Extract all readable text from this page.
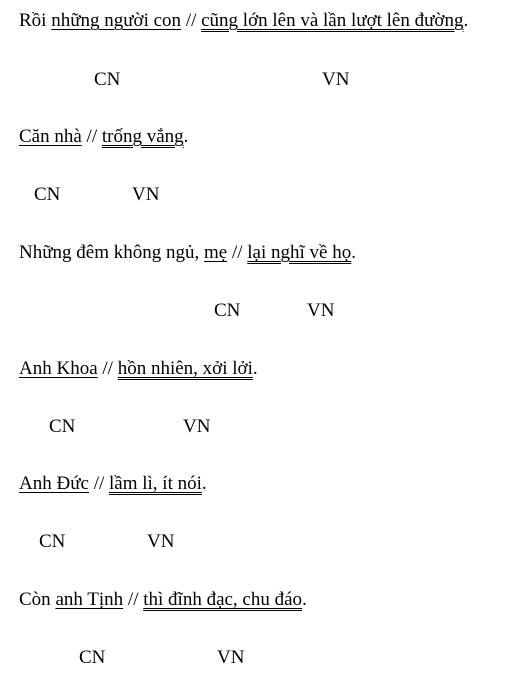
Rồi những người con // cũng lớn lên và lần lượt lên đường.
CN	VN
Căn nhà // trống vắng.
CN	VN
Những đêm không ngủ, mẹ // lại nghĩ về họ.
CN	VN
Anh Khoa // hồn nhiên, xởi lởi.
CN	VN
Anh Đức // lầm lì, ít nói.
CN	VN
Còn anh Tịnh // thì đĩnh đạc, chu đáo.
CN	VN
